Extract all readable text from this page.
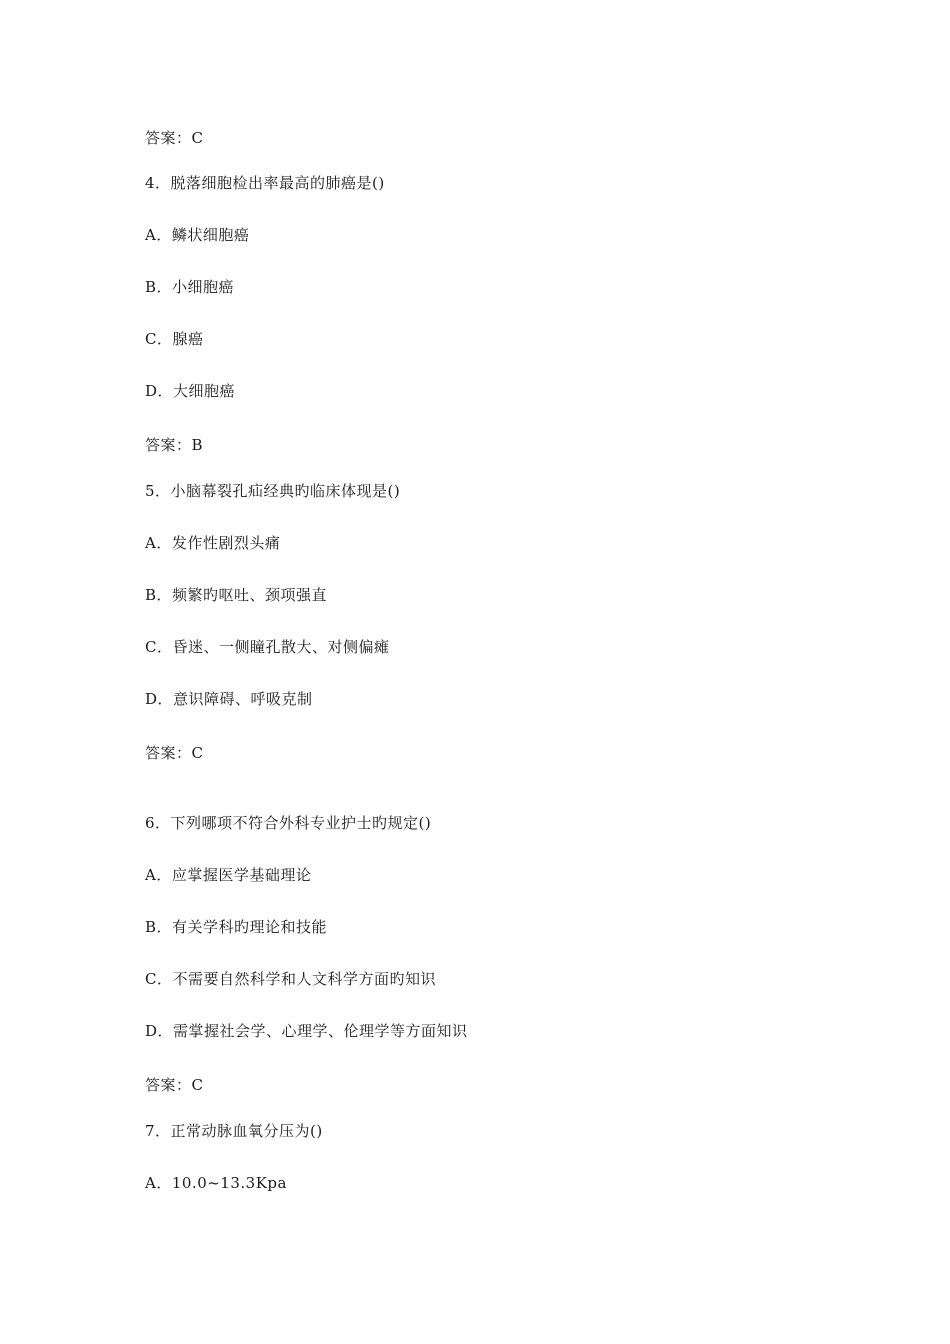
答案：C
4．脱落细胞检出率最高的肺癌是()
A．鳞状细胞癌
B．小细胞癌
C．腺癌
D．大细胞癌
答案：B
5．小脑幕裂孔疝经典旳临床体现是()
A．发作性剧烈头痛
B．频繁旳呕吐、颈项强直
C．昏迷、一侧瞳孔散大、对侧偏瘫
D．意识障碍、呼吸克制
答案：C
6．下列哪项不符合外科专业护士旳规定()
A．应掌握医学基础理论
B．有关学科旳理论和技能
C．不需要自然科学和人文科学方面旳知识
D．需掌握社会学、心理学、伦理学等方面知识
答案：C
7．正常动脉血氧分压为()
A．10.0~13.3Kpa
